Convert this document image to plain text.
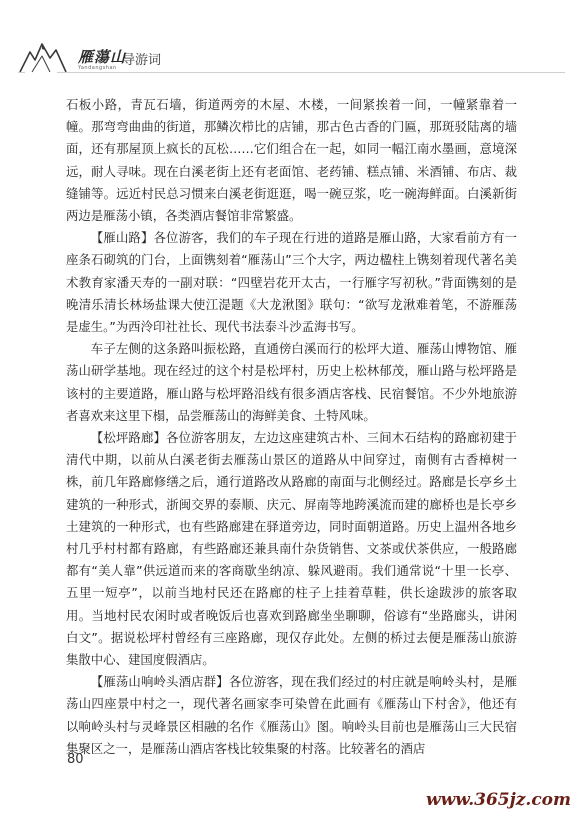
雁蕩山
Yandangshan 导游词

石板小路，青瓦石墙，街道两旁的木屋、木楼，一间紧挨着一间，一幢紧靠着一幢。那弯弯曲曲的街道，那鳞次栉比的店铺，那古色古香的门匾，那斑驳陆离的墙面，还有那屋顶上疯长的瓦松……它们组合在一起，如同一幅江南水墨画，意境深远，耐人寻味。现在白溪老街上还有老面馆、老药铺、糕点铺、米酒铺、布店、裁缝铺等。远近村民总习惯来白溪老街逛逛，喝一碗豆浆，吃一碗海鲜面。白溪新街两边是雁荡小镇，各类酒店餐馆非常繁盛。

【雁山路】各位游客，我们的车子现在行进的道路是雁山路，大家看前方有一座条石砌筑的门台，上面镌刻着“雁荡山”三个大字，两边楹柱上镌刻着现代著名美术教育家潘天寿的一副对联：“四壁岩花开太古，一行雁字写初秋。”背面镌刻的是晚清乐清长林场盐课大使江湜题《大龙湫图》联句：“欲写龙湫难着笔，不游雁荡是虚生。”为西泠印社社长、现代书法泰斗沙孟海书写。

车子左侧的这条路叫振松路，直通傍白溪而行的松坪大道、雁荡山博物馆、雁荡山研学基地。现在经过的这个村是松坪村，历史上松林郁茂，雁山路与松坪路是该村的主要道路，雁山路与松坪路沿线有很多酒店客栈、民宿餐馆。不少外地旅游者喜欢来这里下榻，品尝雁荡山的海鲜美食、土特风味。

【松坪路廊】各位游客朋友，左边这座建筑古朴、三间木石结构的路廊初建于清代中期，以前从白溪老街去雁荡山景区的道路从中间穿过，南侧有古香樟树一株，前几年路廊修缮之后，通行道路改从路廊的南面与北侧经过。路廊是长亭乡土建筑的一种形式，浙闽交界的泰顺、庆元、屏南等地跨溪流而建的廊桥也是长亭乡土建筑的一种形式，也有些路廊建在驿道旁边，同时面朝道路。历史上温州各地乡村几乎村村都有路廊，有些路廊还兼具南什杂货销售、文茶或伏茶供应，一般路廊都有“美人靠”供远道而来的客商歇坐纳凉、躲风避雨。我们通常说“十里一长亭、五里一短亭”，以前当地村民还在路廊的柱子上挂着草鞋，供长途跋涉的旅客取用。当地村民农闲时或者晚饭后也喜欢到路廊坐坐聊聊，俗谚有“坐路廊头，讲闲白文”。据说松坪村曾经有三座路廊，现仅存此处。左侧的桥过去便是雁荡山旅游集散中心、建国度假酒店。

【雁荡山响岭头酒店群】各位游客，现在我们经过的村庄就是响岭头村，是雁荡山四座景中村之一，现代著名画家李可染曾在此画有《雁荡山下村舍》，他还有以响岭头村与灵峰景区相融的名作《雁荡山》图。响岭头目前也是雁荡山三大民宿集聚区之一，是雁荡山酒店客栈比较集聚的村落。比较著名的酒店

80
www.365jz.com
